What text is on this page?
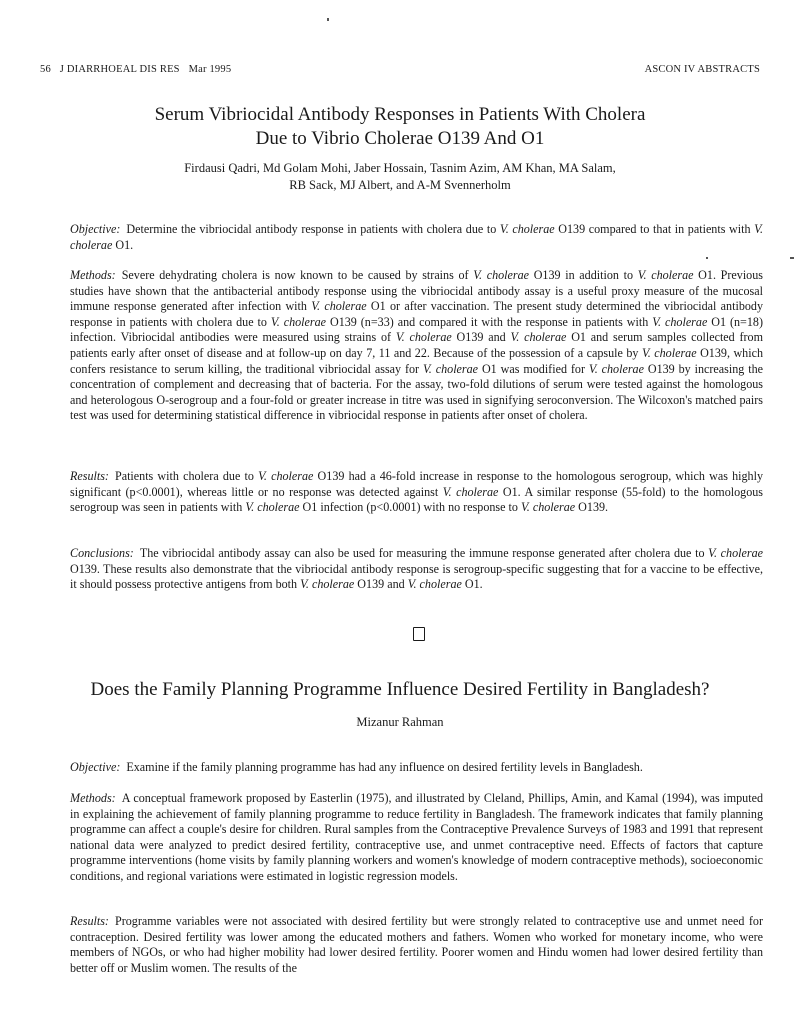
56 J DIARRHOEAL DIS RES Mar 1995	ASCON IV ABSTRACTS
Serum Vibriocidal Antibody Responses in Patients With Cholera
Due to Vibrio Cholerae O139 And O1
Firdausi Qadri, Md Golam Mohi, Jaber Hossain, Tasnim Azim, AM Khan, MA Salam,
RB Sack, MJ Albert, and A-M Svennerholm
Objective: Determine the vibriocidal antibody response in patients with cholera due to V. cholerae O139 compared to that in patients with V. cholerae O1.
Methods: Severe dehydrating cholera is now known to be caused by strains of V. cholerae O139 in addition to V. cholerae O1. Previous studies have shown that the antibacterial antibody response using the vibriocidal antibody assay is a useful proxy measure of the mucosal immune response generated after infection with V. cholerae O1 or after vaccination. The present study determined the vibriocidal antibody response in patients with cholera due to V. cholerae O139 (n=33) and compared it with the response in patients with V. cholerae O1 (n=18) infection. Vibriocidal antibodies were measured using strains of V. cholerae O139 and V. cholerae O1 and serum samples collected from patients early after onset of disease and at follow-up on day 7, 11 and 22. Because of the possession of a capsule by V. cholerae O139, which confers resistance to serum killing, the traditional vibriocidal assay for V. cholerae O1 was modified for V. cholerae O139 by increasing the concentration of complement and decreasing that of bacteria. For the assay, two-fold dilutions of serum were tested against the homologous and heterologous O-serogroup and a four-fold or greater increase in titre was used in signifying seroconversion. The Wilcoxon's matched pairs test was used for determining statistical difference in vibriocidal response in patients after onset of cholera.
Results: Patients with cholera due to V. cholerae O139 had a 46-fold increase in response to the homologous serogroup, which was highly significant (p<0.0001), whereas little or no response was detected against V. cholerae O1. A similar response (55-fold) to the homologous serogroup was seen in patients with V. cholerae O1 infection (p<0.0001) with no response to V. cholerae O139.
Conclusions: The vibriocidal antibody assay can also be used for measuring the immune response generated after cholera due to V. cholerae O139. These results also demonstrate that the vibriocidal antibody response is serogroup-specific suggesting that for a vaccine to be effective, it should possess protective antigens from both V. cholerae O139 and V. cholerae O1.
Does the Family Planning Programme Influence Desired Fertility in Bangladesh?
Mizanur Rahman
Objective: Examine if the family planning programme has had any influence on desired fertility levels in Bangladesh.
Methods: A conceptual framework proposed by Easterlin (1975), and illustrated by Cleland, Phillips, Amin, and Kamal (1994), was imputed in explaining the achievement of family planning programme to reduce fertility in Bangladesh. The framework indicates that family planning programme can affect a couple's desire for children. Rural samples from the Contraceptive Prevalence Surveys of 1983 and 1991 that represent national data were analyzed to predict desired fertility, contraceptive use, and unmet contraceptive need. Effects of factors that capture programme interventions (home visits by family planning workers and women's knowledge of modern contraceptive methods), socioeconomic conditions, and regional variations were estimated in logistic regression models.
Results: Programme variables were not associated with desired fertility but were strongly related to contraceptive use and unmet need for contraception. Desired fertility was lower among the educated mothers and fathers. Women who worked for monetary income, who were members of NGOs, or who had higher mobility had lower desired fertility. Poorer women and Hindu women had lower desired fertility than better off or Muslim women. The results of the
